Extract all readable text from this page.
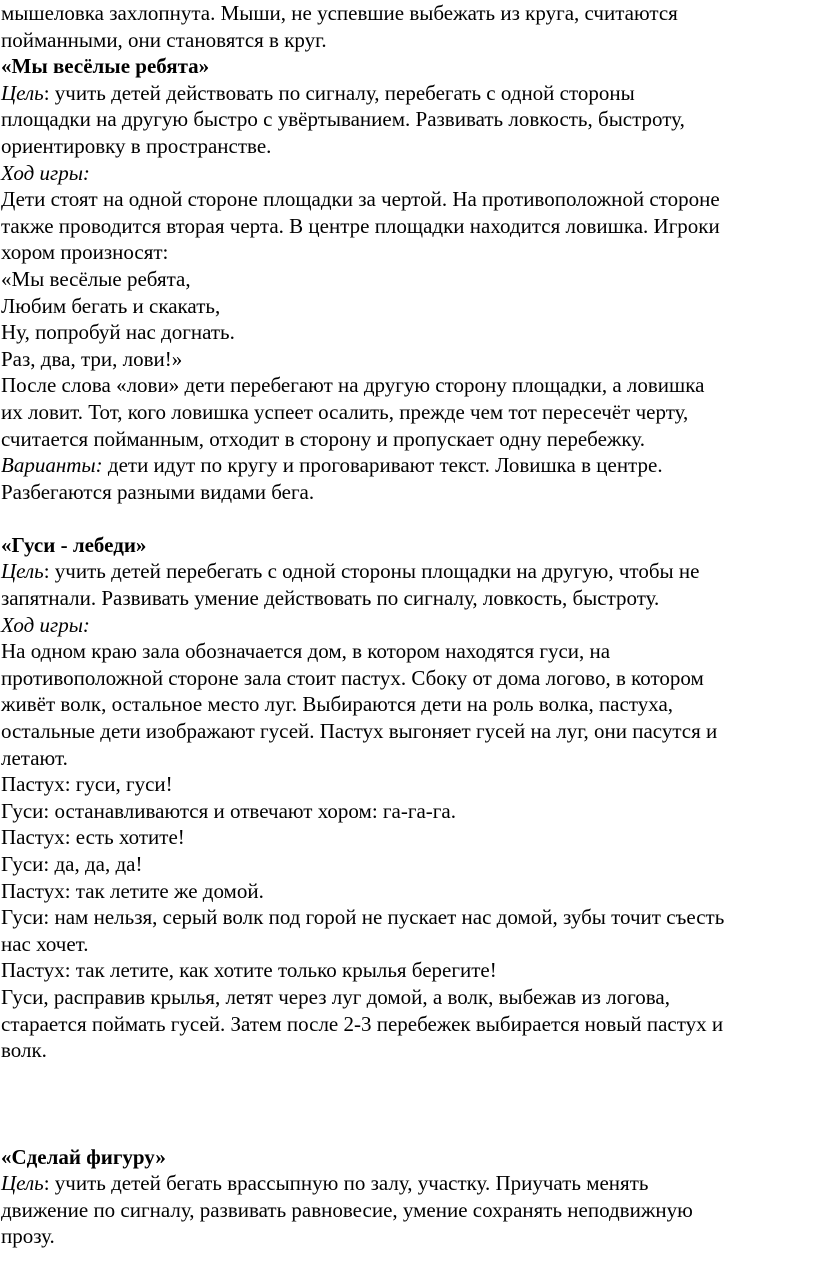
мышеловка захлопнута. Мыши, не успевшие выбежать из круга, считаются
пойманными, они становятся в круг.
«Мы весёлые ребята»
Цель: учить детей действовать по сигналу, перебегать с одной стороны
площадки на другую быстро с увёртыванием. Развивать ловкость, быстроту,
ориентировку в пространстве.
Ход игры:
Дети стоят на одной стороне площадки за чертой. На противоположной стороне
также проводится вторая черта. В центре площадки находится ловишка. Игроки
хором произносят:
«Мы весёлые ребята,
Любим бегать и скакать,
Ну, попробуй нас догнать.
Раз, два, три, лови!»
После слова «лови» дети перебегают на другую сторону площадки, а ловишка
их ловит. Тот, кого ловишка успеет осалить, прежде чем тот пересечёт черту,
считается пойманным, отходит в сторону и пропускает одну перебежку.
Варианты: дети идут по кругу и проговаривают текст. Ловишка в центре.
Разбегаются разными видами бега.
«Гуси - лебеди»
Цель: учить детей перебегать с одной стороны площадки на другую, чтобы не
запятнали. Развивать умение действовать по сигналу, ловкость, быстроту.
Ход игры:
На одном краю зала обозначается дом, в котором находятся гуси, на
противоположной стороне зала стоит пастух. Сбоку от дома логово, в котором
живёт волк, остальное место луг. Выбираются дети на роль волка, пастуха,
остальные дети изображают гусей. Пастух выгоняет гусей на луг, они пасутся и
летают.
Пастух: гуси, гуси!
Гуси: останавливаются и отвечают хором: га-га-га.
Пастух: есть хотите!
Гуси: да, да, да!
Пастух: так летите же домой.
Гуси: нам нельзя, серый волк под горой не пускает нас домой, зубы точит съесть
нас хочет.
Пастух: так летите, как хотите только крылья берегите!
Гуси, расправив крылья, летят через луг домой, а волк, выбежав из логова,
старается поймать гусей. Затем после 2-3 перебежек выбирается новый пастух и
волк.
«Сделай фигуру»
Цель: учить детей бегать врассыпную по залу, участку. Приучать менять
движение по сигналу, развивать равновесие, умение сохранять неподвижную
прозу.
